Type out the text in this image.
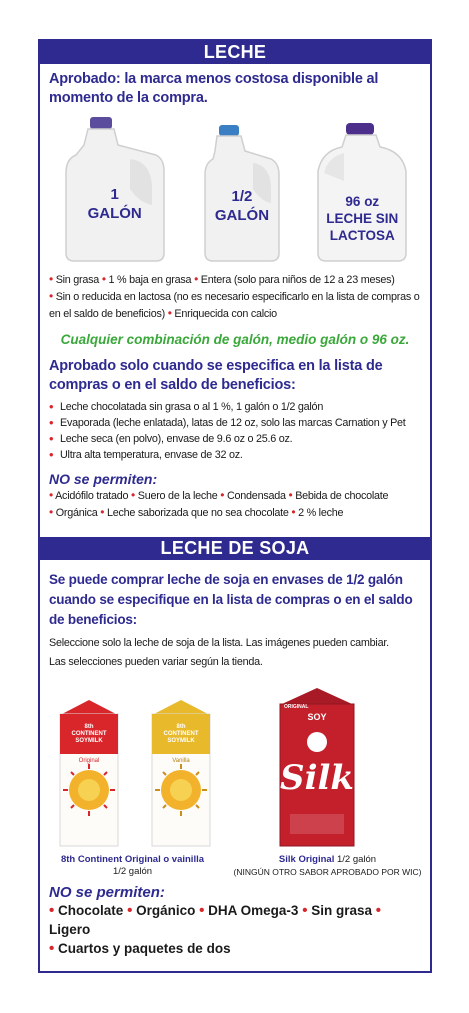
LECHE
Aprobado: la marca menos costosa disponible al momento de la compra.
1
GALÓN
1/2
GALÓN
96 oz
LECHE SIN
LACTOSA
• Sin grasa • 1 % baja en grasa • Entera (solo para niños de 12 a 23 meses)
• Sin o reducida en lactosa (no es necesario especificarlo en la lista de compras o en el saldo de beneficios) • Enriquecida con calcio
Cualquier combinación de galón, medio galón o 96 oz.
Aprobado solo cuando se especifica en la lista de compras o en el saldo de beneficios:
• Leche chocolatada sin grasa o al 1 %, 1 galón o 1/2 galón
• Evaporada (leche enlatada), latas de 12 oz, solo las marcas Carnation y Pet
• Leche seca (en polvo), envase de 9.6 oz o 25.6 oz.
• Ultra alta temperatura, envase de 32 oz.
NO se permiten:
• Acidófilo tratado • Suero de la leche • Condensada • Bebida de chocolate
• Orgánica • Leche saborizada que no sea chocolate • 2 % leche
LECHE DE SOJA
Se puede comprar leche de soja en envases de 1/2 galón cuando se especifique en la lista de compras o en el saldo de beneficios:
Seleccione solo la leche de soja de la lista. Las imágenes pueden cambiar.
Las selecciones pueden variar según la tienda.
8th
CONTINENT
SOYMILK
Original
8th
CONTINENT
SOYMILK
Vanilla
SOY
Silk
ORIGINAL
8th Continent Original o vainilla
1/2 galón
Silk Original 1/2 galón
(NINGÚN OTRO SABOR APROBADO POR WIC)
NO se permiten:
• Chocolate • Orgánico • DHA Omega-3 • Sin grasa • Ligero
• Cuartos y paquetes de dos
